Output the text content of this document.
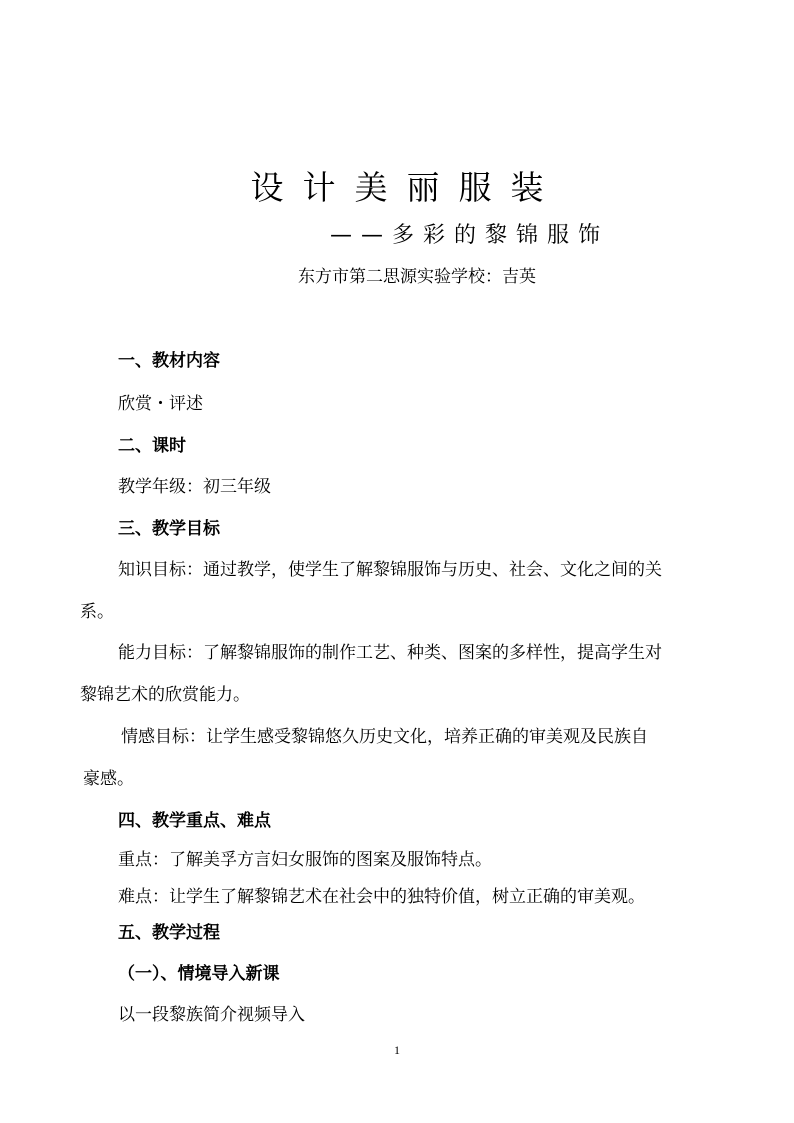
设计美丽服装
——多彩的黎锦服饰
东方市第二思源实验学校：吉英
一、教材内容
欣赏・评述
二、课时
教学年级：初三年级
三、教学目标
知识目标：通过教学，使学生了解黎锦服饰与历史、社会、文化之间的关
系。
能力目标：了解黎锦服饰的制作工艺、种类、图案的多样性，提高学生对
黎锦艺术的欣赏能力。
情感目标：让学生感受黎锦悠久历史文化，培养正确的审美观及民族自
豪感。
四、教学重点、难点
重点：了解美孚方言妇女服饰的图案及服饰特点。
难点：让学生了解黎锦艺术在社会中的独特价值，树立正确的审美观。
五、教学过程
（一）、情境导入新课
以一段黎族简介视频导入
1
